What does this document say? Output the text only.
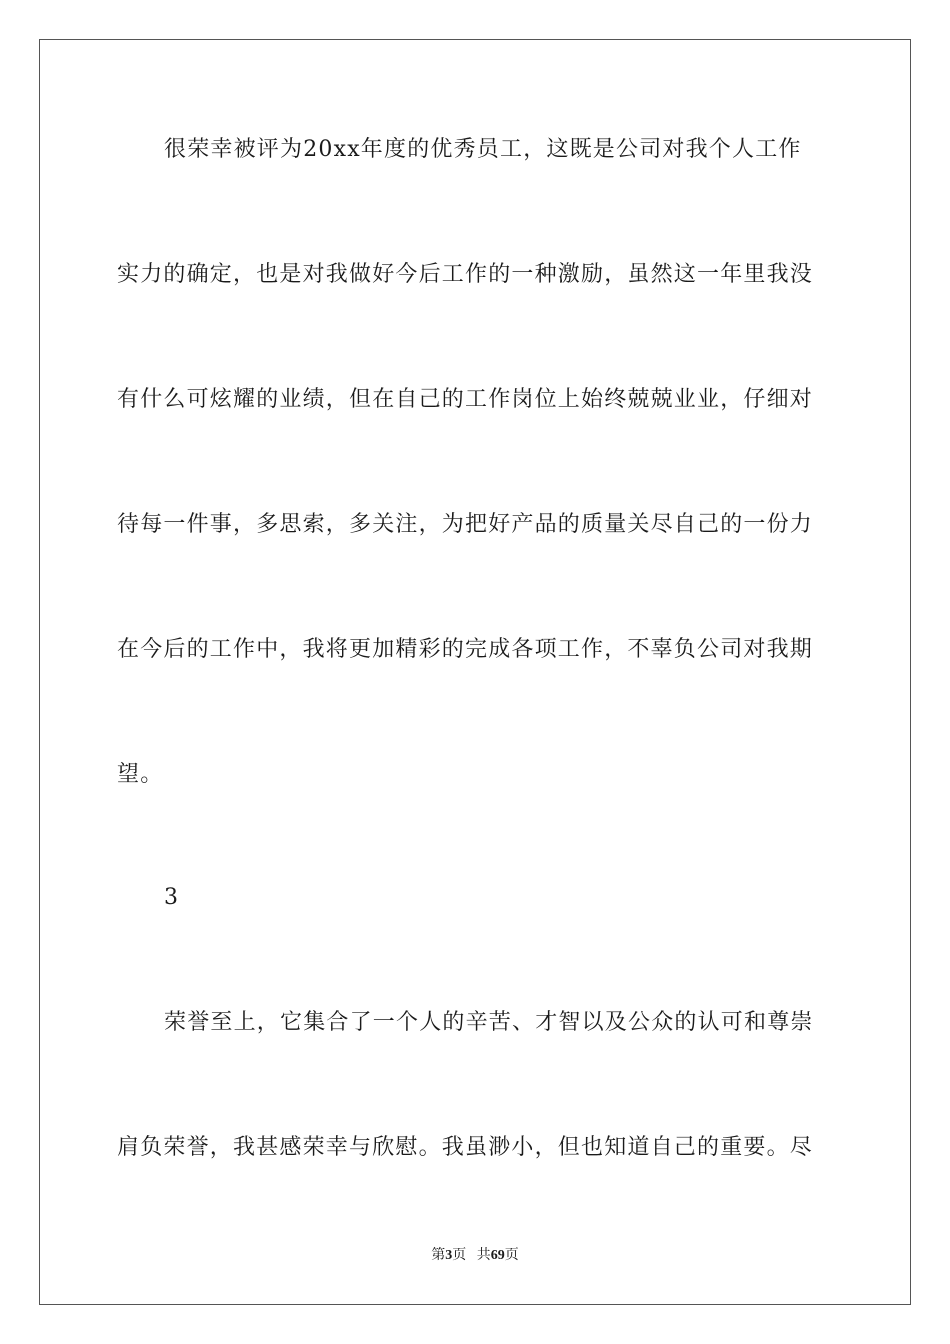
很荣幸被评为20xx年度的优秀员工，这既是公司对我个人工作
实力的确定，也是对我做好今后工作的一种激励，虽然这一年里我没
有什么可炫耀的业绩，但在自己的工作岗位上始终兢兢业业，仔细对
待每一件事，多思索，多关注，为把好产品的质量关尽自己的一份力
在今后的工作中，我将更加精彩的完成各项工作，不辜负公司对我期
望。
3
荣誉至上，它集合了一个人的辛苦、才智以及公众的认可和尊崇
肩负荣誉，我甚感荣幸与欣慰。我虽渺小，但也知道自己的重要。尽
第3页 共69页
